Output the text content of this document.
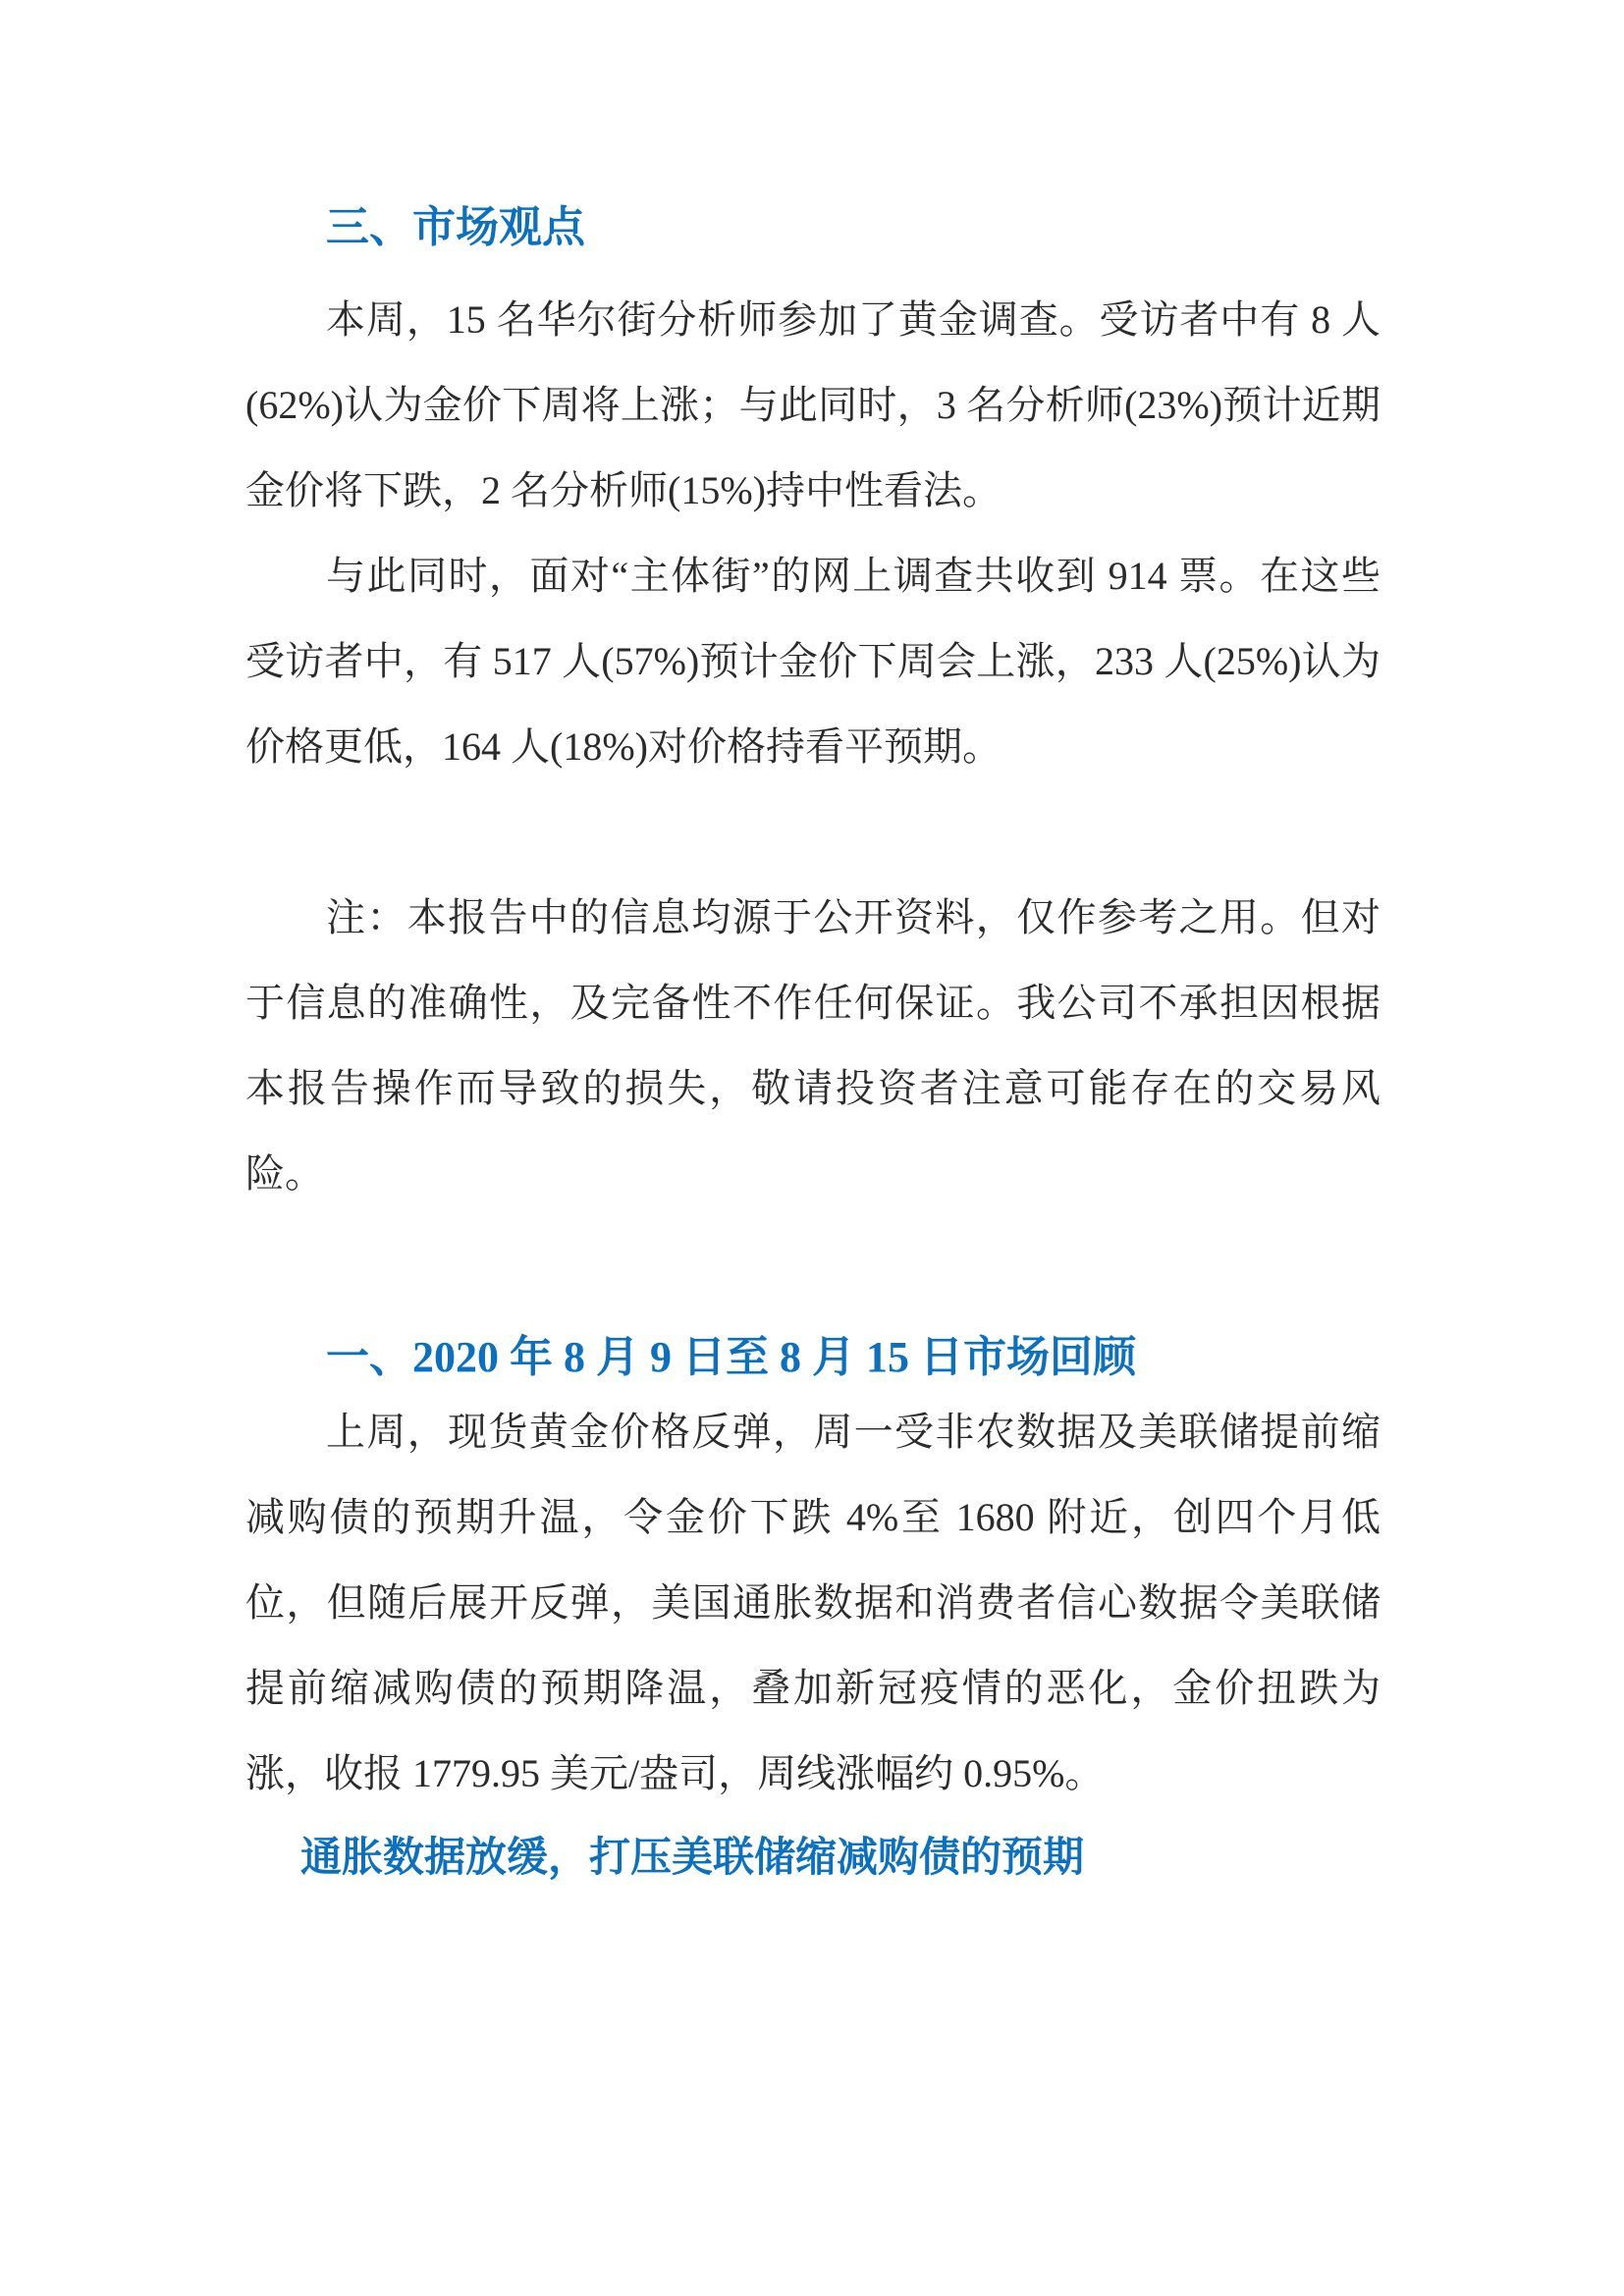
三、市场观点

本周，15 名华尔街分析师参加了黄金调查。受访者中有 8 人(62%)认为金价下周将上涨；与此同时，3 名分析师(23%)预计近期金价将下跌，2 名分析师(15%)持中性看法。

与此同时，面对“主体街”的网上调查共收到 914 票。在这些受访者中，有 517 人(57%)预计金价下周会上涨，233 人(25%)认为价格更低，164 人(18%)对价格持看平预期。

注：本报告中的信息均源于公开资料，仅作参考之用。但对于信息的准确性，及完备性不作任何保证。我公司不承担因根据本报告操作而导致的损失，敬请投资者注意可能存在的交易风险。

一、2020 年 8 月 9 日至 8 月 15 日市场回顾

上周，现货黄金价格反弹，周一受非农数据及美联储提前缩减购债的预期升温，令金价下跌 4%至 1680 附近，创四个月低位，但随后展开反弹，美国通胀数据和消费者信心数据令美联储提前缩减购债的预期降温，叠加新冠疫情的恶化，金价扭跌为涨，收报 1779.95 美元/盎司，周线涨幅约 0.95%。

通胀数据放缓，打压美联储缩减购债的预期
